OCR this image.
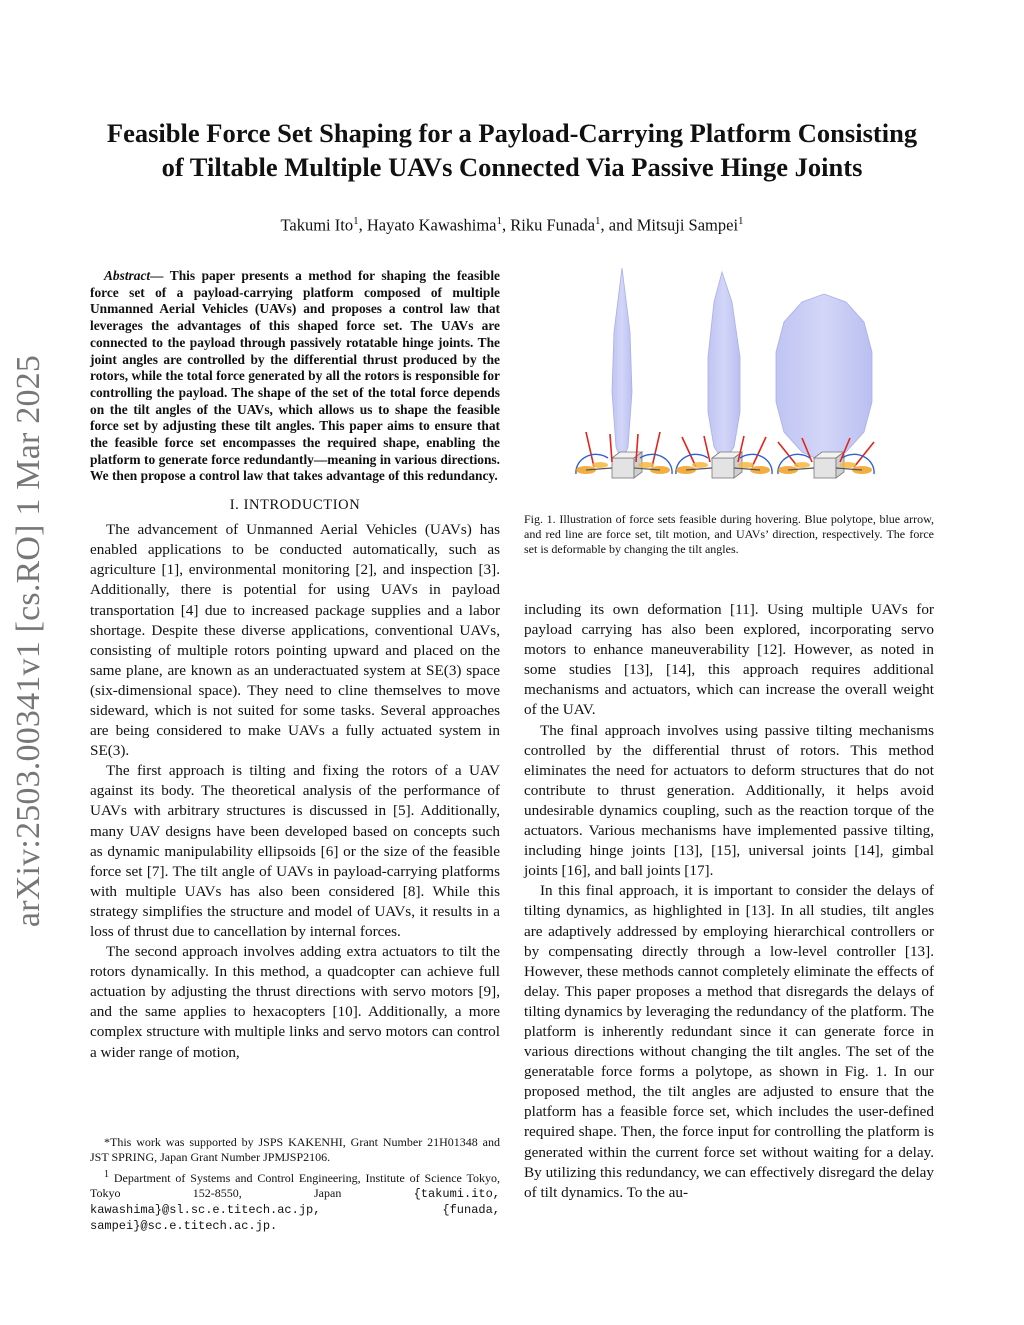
arXiv:2503.00341v1 [cs.RO] 1 Mar 2025
Feasible Force Set Shaping for a Payload-Carrying Platform Consisting
of Tiltable Multiple UAVs Connected Via Passive Hinge Joints
Takumi Ito$^1$, Hayato Kawashima$^1$, Riku Funada$^1$, and Mitsuji Sampei$^1$

Abstract— This paper presents a method for shaping the feasible force set of a payload-carrying platform composed of multiple Unmanned Aerial Vehicles (UAVs) and proposes a control law that leverages the advantages of this shaped force set. The UAVs are connected to the payload through passively rotatable hinge joints. The joint angles are controlled by the differential thrust produced by the rotors, while the total force generated by all the rotors is responsible for controlling the payload. The shape of the set of the total force depends on the tilt angles of the UAVs, which allows us to shape the feasible force set by adjusting these tilt angles. This paper aims to ensure that the feasible force set encompasses the required shape, enabling the platform to generate force redundantly—meaning in various directions. We then propose a control law that takes advantage of this redundancy.

I. INTRODUCTION

The advancement of Unmanned Aerial Vehicles (UAVs) has enabled applications to be conducted automatically, such as agriculture [1], environmental monitoring [2], and inspection [3]. Additionally, there is potential for using UAVs in payload transportation [4] due to increased package supplies and a labor shortage. Despite these diverse applications, conventional UAVs, consisting of multiple rotors pointing upward and placed on the same plane, are known as an underactuated system at SE(3) space (six-dimensional space). They need to cline themselves to move sideward, which is not suited for some tasks. Several approaches are being considered to make UAVs a fully actuated system in SE(3).

The first approach is tilting and fixing the rotors of a UAV against its body. The theoretical analysis of the performance of UAVs with arbitrary structures is discussed in [5]. Additionally, many UAV designs have been developed based on concepts such as dynamic manipulability ellipsoids [6] or the size of the feasible force set [7]. The tilt angle of UAVs in payload-carrying platforms with multiple UAVs has also been considered [8]. While this strategy simplifies the structure and model of UAVs, it results in a loss of thrust due to cancellation by internal forces.

The second approach involves adding extra actuators to tilt the rotors dynamically. In this method, a quadcopter can achieve full actuation by adjusting the thrust directions with servo motors [9], and the same applies to hexacopters [10]. Additionally, a more complex structure with multiple links and servo motors can control a wider range of motion,

*This work was supported by JSPS KAKENHI, Grant Number 21H01348 and JST SPRING, Japan Grant Number JPMJSP2106.

$^1$ Department of Systems and Control Engineering, Institute of Science Tokyo, Tokyo 152-8550, Japan {takumi.ito, kawashima}@sl.sc.e.titech.ac.jp, {funada, sampei}@sc.e.titech.ac.jp.

Fig. 1. Illustration of force sets feasible during hovering. Blue polytope, blue arrow, and red line are force set, tilt motion, and UAVs’ direction, respectively. The force set is deformable by changing the tilt angles.

including its own deformation [11]. Using multiple UAVs for payload carrying has also been explored, incorporating servo motors to enhance maneuverability [12]. However, as noted in some studies [13], [14], this approach requires additional mechanisms and actuators, which can increase the overall weight of the UAV.

The final approach involves using passive tilting mechanisms controlled by the differential thrust of rotors. This method eliminates the need for actuators to deform structures that do not contribute to thrust generation. Additionally, it helps avoid undesirable dynamics coupling, such as the reaction torque of the actuators. Various mechanisms have implemented passive tilting, including hinge joints [13], [15], universal joints [14], gimbal joints [16], and ball joints [17].

In this final approach, it is important to consider the delays of tilting dynamics, as highlighted in [13]. In all studies, tilt angles are adaptively addressed by employing hierarchical controllers or by compensating directly through a low-level controller [13]. However, these methods cannot completely eliminate the effects of delay. This paper proposes a method that disregards the delays of tilting dynamics by leveraging the redundancy of the platform. The platform is inherently redundant since it can generate force in various directions without changing the tilt angles. The set of the generatable force forms a polytope, as shown in Fig. 1. In our proposed method, the tilt angles are adjusted to ensure that the platform has a feasible force set, which includes the user-defined required shape. Then, the force input for controlling the platform is generated within the current force set without waiting for a delay. By utilizing this redundancy, we can effectively disregard the delay of tilt dynamics. To the au-
